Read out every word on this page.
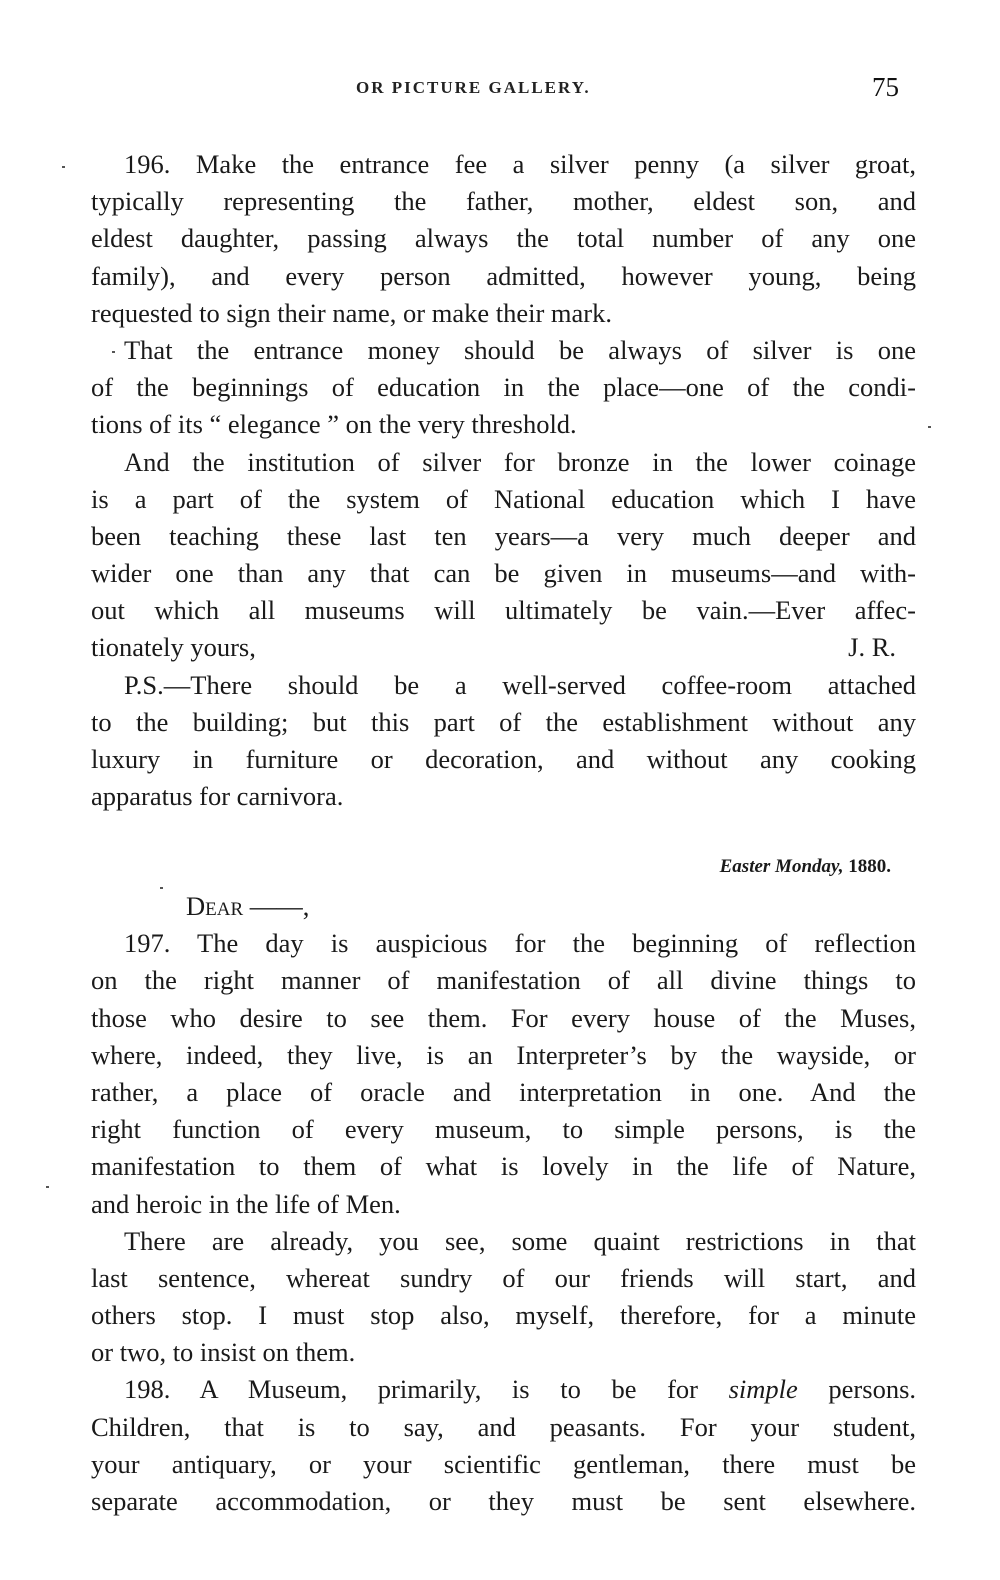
OR PICTURE GALLERY.	75
196. Make the entrance fee a silver penny (a silver groat,
typically representing the father, mother, eldest son, and
eldest daughter, passing always the total number of any one
family), and every person admitted, however young, being
requested to sign their name, or make their mark.
That the entrance money should be always of silver is one
of the beginnings of education in the place—one of the condi-
tions of its “ elegance ” on the very threshold.
And the institution of silver for bronze in the lower coinage
is a part of the system of National education which I have
been teaching these last ten years—a very much deeper and
wider one than any that can be given in museums—and with-
out which all museums will ultimately be vain.—Ever affec-
tionately yours,	J. R.
P.S.—There should be a well-served coffee-room attached
to the building; but this part of the establishment without any
luxury in furniture or decoration, and without any cooking
apparatus for carnivora.
Easter Monday, 1880.
Dear ——,
197. The day is auspicious for the beginning of reflection
on the right manner of manifestation of all divine things to
those who desire to see them. For every house of the Muses,
where, indeed, they live, is an Interpreter’s by the wayside, or
rather, a place of oracle and interpretation in one. And the
right function of every museum, to simple persons, is the
manifestation to them of what is lovely in the life of Nature,
and heroic in the life of Men.
There are already, you see, some quaint restrictions in that
last sentence, whereat sundry of our friends will start, and
others stop. I must stop also, myself, therefore, for a minute
or two, to insist on them.
198. A Museum, primarily, is to be for simple persons.
Children, that is to say, and peasants. For your student,
your antiquary, or your scientific gentleman, there must be
separate accommodation, or they must be sent elsewhere.
